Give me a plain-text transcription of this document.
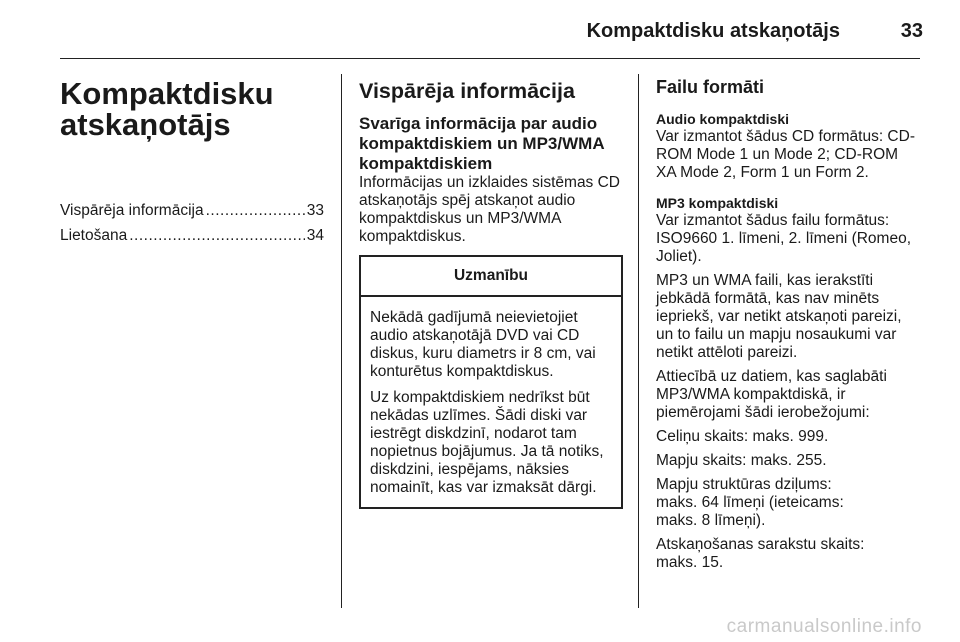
Kompaktdisku atskaņotājs	33
Kompaktdisku
atskaņotājs
Vispārēja informācija .....	33
Lietošana .....	34
Vispārēja informācija
Svarīga informācija par audio kompaktdiskiem un MP3/WMA kompaktdiskiem

Informācijas un izklaides sistēmas CD atskaņotājs spēj atskaņot audio kompaktdiskus un MP3/WMA kompaktdiskus.

Uzmanību

Nekādā gadījumā neievietojiet audio atskaņotājā DVD vai CD diskus, kuru diametrs ir 8 cm, vai konturētus kompaktdiskus.

Uz kompaktdiskiem nedrīkst būt nekādas uzlīmes. Šādi diski var iestrēgt diskdzinī, nodarot tam nopietnus bojājumus. Ja tā notiks, diskdzini, iespējams, nāksies nomainīt, kas var izmaksāt dārgi.

Failu formāti
Audio kompaktdiski

Var izmantot šādus CD formātus: CD-ROM Mode 1 un Mode 2; CD-ROM XA Mode 2, Form 1 un Form 2.

MP3 kompaktdiski

Var izmantot šādus failu formātus: ISO9660 1. līmeni, 2. līmeni (Romeo, Joliet).

MP3 un WMA faili, kas ierakstīti jebkādā formātā, kas nav minēts iepriekš, var netikt atskaņoti pareizi, un to failu un mapju nosaukumi var netikt attēloti pareizi.

Attiecībā uz datiem, kas saglabāti MP3/WMA kompaktdiskā, ir piemērojami šādi ierobežojumi:

Celiņu skaits: maks. 999.

Mapju skaits: maks. 255.

Mapju struktūras dziļums:
maks. 64 līmeņi (ieteicams:
maks. 8 līmeņi).
Atskaņošanas sarakstu skaits:
maks. 15.
carmanualsonline.info
